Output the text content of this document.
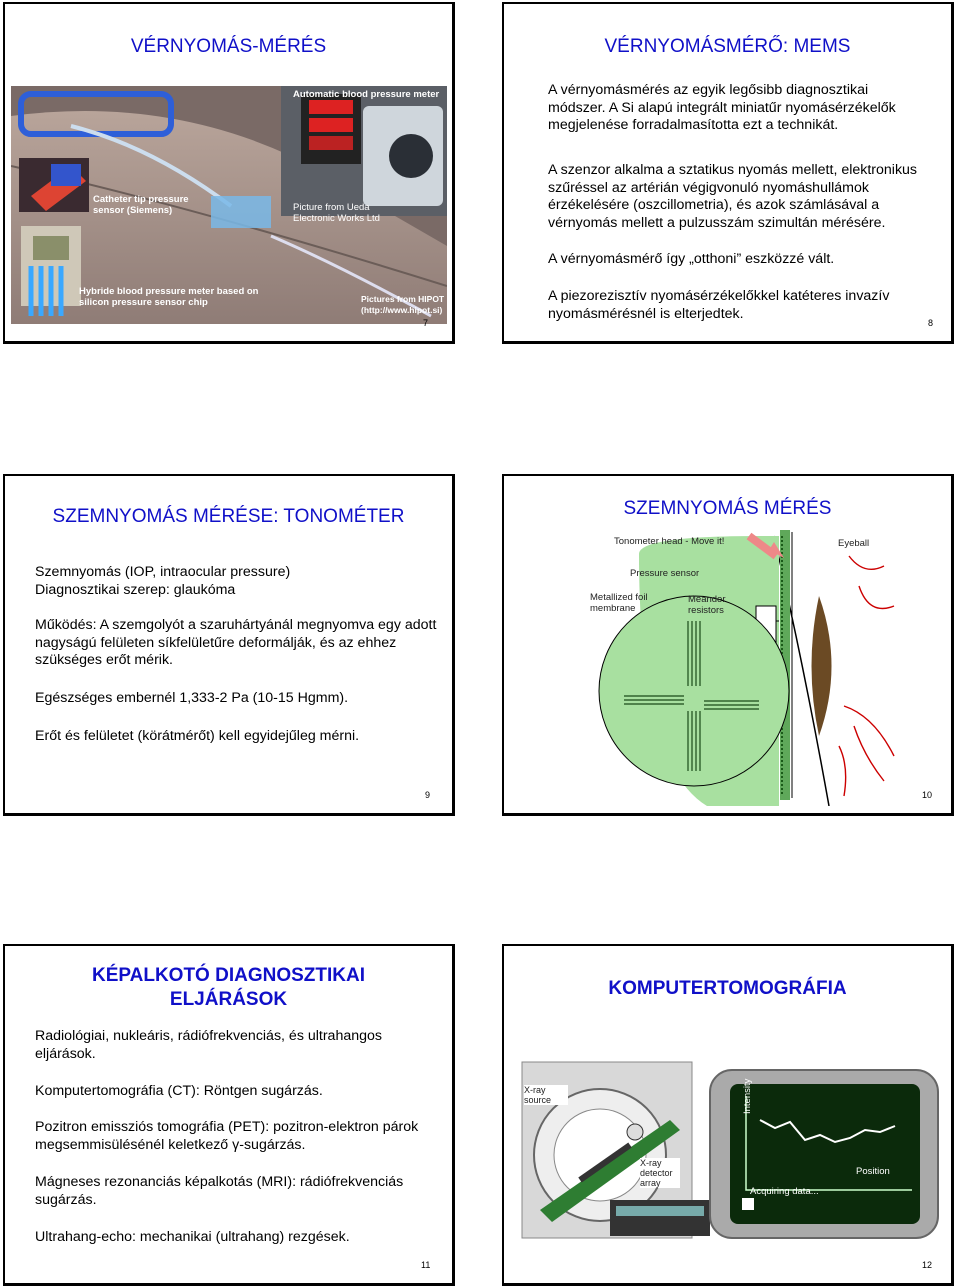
VÉRNYOMÁS-MÉRÉS
Automatic blood pressure meter
Catheter tip pressure sensor (Siemens)	Picture from Ueda Electronic Works Ltd
Hybride blood pressure meter based on silicon pressure sensor chip	Pictures from HIPOT (http://www.hipot.si)
7
VÉRNYOMÁSMÉRŐ: MEMS
A vérnyomásmérés az egyik legősibb diagnosztikai módszer. A Si alapú integrált miniatűr nyomásérzékelők megjelenése forradalmasította ezt a technikát.
A szenzor alkalma a sztatikus nyomás mellett, elektronikus szűréssel az artérián végigvonuló nyomáshullámok érzékelésére (oszcillometria), és azok számlásával a vérnyomás mellett a pulzusszám szimultán mérésére.
A vérnyomásmérő így „otthoni” eszközzé vált.
A piezorezisztív nyomásérzékelőkkel katéteres invazív nyomásmérésnél is elterjedtek.
8
SZEMNYOMÁS MÉRÉSE: TONOMÉTER
Szemnyomás (IOP, intraocular pressure)
Diagnosztikai szerep: glaukóma
Működés: A szemgolyót a szaruhártyánál megnyomva egy adott nagyságú felületen síkfelületűre deformálják, és az ehhez szükséges erőt mérik.
Egészséges embernél 1,333-2 Pa (10-15 Hgmm).
Erőt és felületet (körátmérőt) kell egyidejűleg mérni.
9
SZEMNYOMÁS MÉRÉS
Tonometer head - Move it!	Eyeball
Pressure sensor
Metallized foil membrane
Meander resistors
10
KÉPALKOTÓ DIAGNOSZTIKAI ELJÁRÁSOK
Radiológiai, nukleáris, rádiófrekvenciás, és ultrahangos eljárások.
Komputertomográfia (CT): Röntgen sugárzás.
Pozitron emissziós tomográfia (PET): pozitron-elektron párok megsemmisülésénél keletkező γ-sugárzás.
Mágneses rezonanciás képalkotás (MRI): rádiófrekvenciás sugárzás.
Ultrahang-echo: mechanikai (ultrahang) rezgések.
11
KOMPUTERTOMOGRÁFIA
X-ray source
X-ray detector array
Intensity
Position
Acquiring data...
12
